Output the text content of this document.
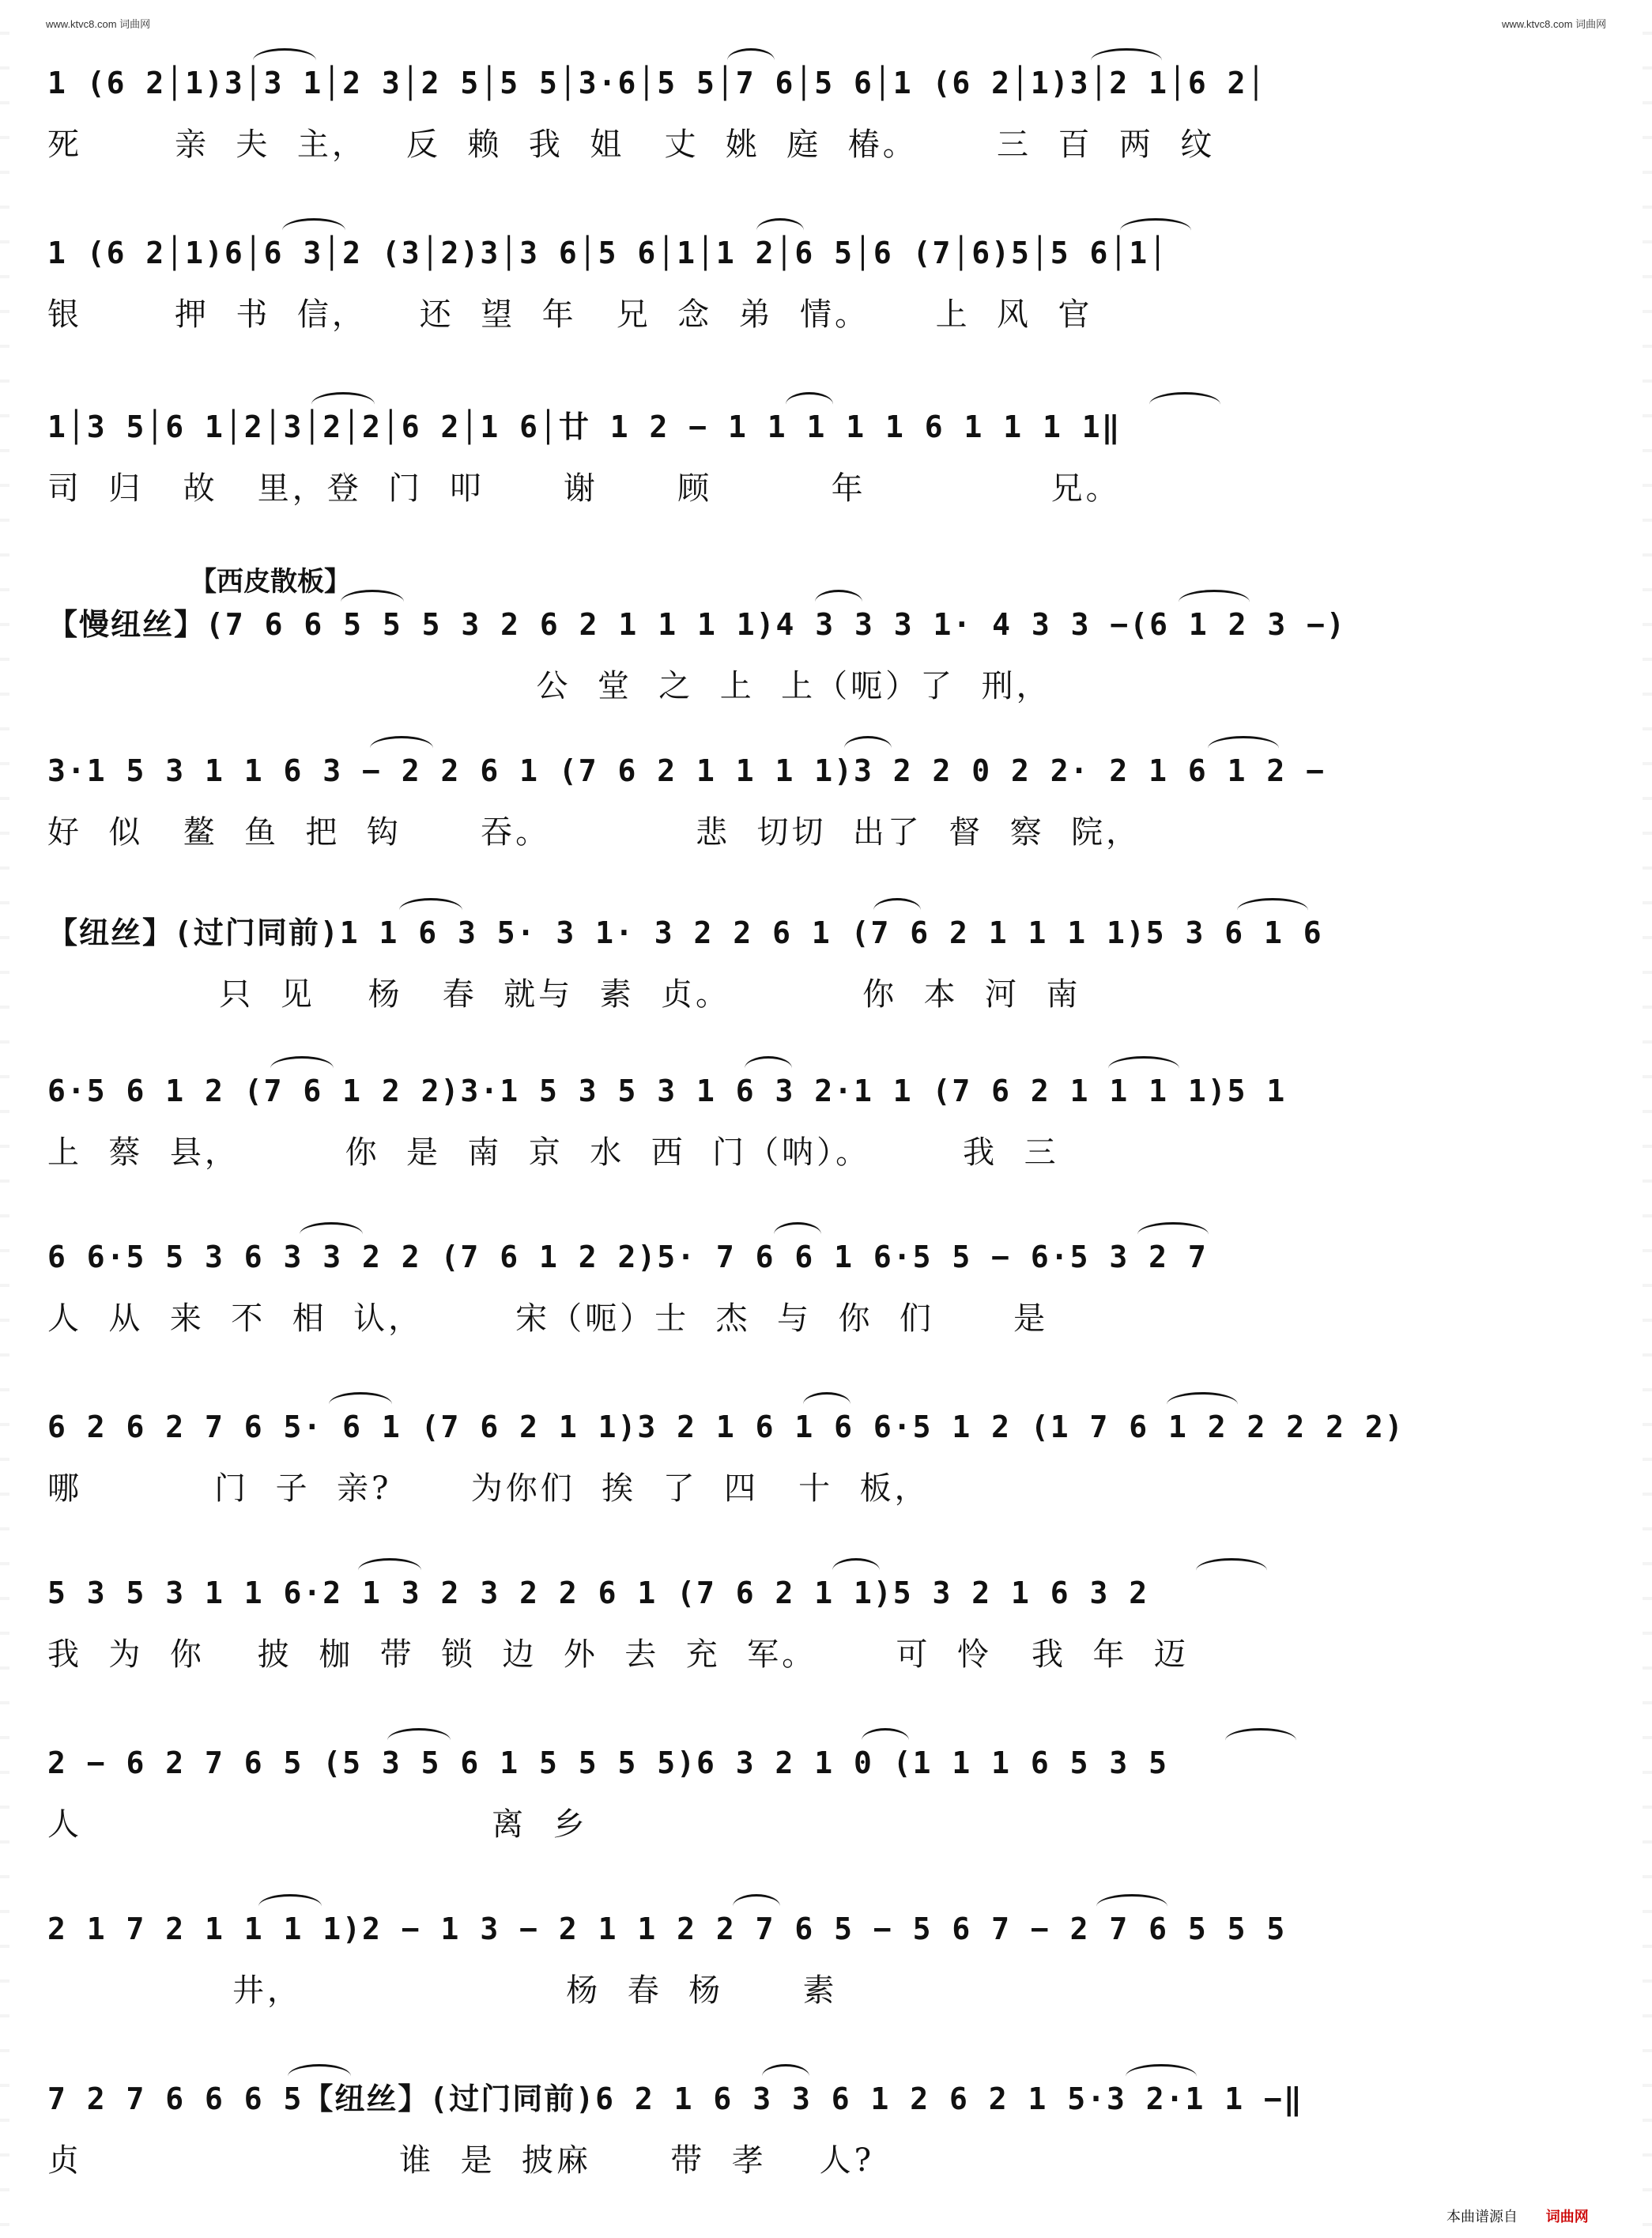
www.ktvc8.com 词曲网	www.ktvc8.com 词曲网
1 (6 2│1)3│3 1│2 3│2 5│5 5│3·6│5 5│7 6│5 6│1 (6 2│1)3│2 1│6 2│
死       亲  夫  主，   反  赖  我  姐   丈  姚  庭  椿。      三  百  两  纹
1 (6 2│1)6│6 3│2 (3│2)3│3 6│5 6│1│1 2│6 5│6 (7│6)5│5 6│1│
银       押  书  信，    还  望  年   兄  念  弟  情。     上  风  官
1│3 5│6 1│2│3│2│2│6 2│1 6│廿 1 2 − 1 1 1 1 1 6 1 1 1 1‖
司  归   故   里，登  门  叩      谢      顾         年              兄。
【西皮散板】
【慢纽丝】(7 6 6 5 5 5 3 2 6 2 1 1 1 1)4 3 3 3 1· 4 3 3 −(6 1 2 3 −)
公  堂  之  上  上（呃）了  刑，
3·1 5 3 1 1 6 3 − 2 2 6 1 (7 6 2 1 1 1 1)3 2 2 0 2 2· 2 1 6 1 2 −
好  似   鳌  鱼  把  钩      吞。           悲  切切  出了  督  察  院，
【纽丝】(过门同前)1 1 6 3 5· 3 1· 3 2 2 6 1 (7 6 2 1 1 1 1)5 3 6 1 6
只  见    杨   春  就与  素  贞。          你  本  河  南
6·5 6 1 2 (7 6 1 2 2)3·1 5 3 5 3 1 6 3 2·1 1 (7 6 2 1 1 1 1)5 1
上  蔡  县，        你  是  南  京  水  西  门（呐）。       我  三
6 6·5 5 3 6 3 3 2 2 (7 6 1 2 2)5· 7 6 6 1 6·5 5 − 6·5 3 2 7
人  从  来  不  相  认，       宋（呃）士  杰  与  你  们      是
6 2 6 2 7 6 5· 6 1 (7 6 2 1 1)3 2 1 6 1 6 6·5 1 2 (1 7 6 1 2 2 2 2 2)
哪          门  子  亲?      为你们  挨  了  四   十  板，
5 3 5 3 1 1 6·2 1 3 2 3 2 2 6 1 (7 6 2 1 1)5 3 2 1 6 3 2
我  为  你    披  枷  带  锁  边  外  去  充  军。      可  怜   我  年  迈
2 − 6 2 7 6 5 (5 3 5 6 1 5 5 5 5)6 3 2 1 0 (1 1 1 6 5 3 5
人                               离  乡
2 1 7 2 1 1 1 1)2 − 1 3 − 2 1 1 2 2 7 6 5 − 5 6 7 − 2 7 6 5 5 5
井，                    杨  春  杨      素
7 2 7 6 6 6 5【纽丝】(过门同前)6 2 1 6 3 3 6 1 2 6 2 1 5·3 2·1 1 −‖
贞                        谁  是  披麻      带  孝    人?
本曲谱源自 词曲网
